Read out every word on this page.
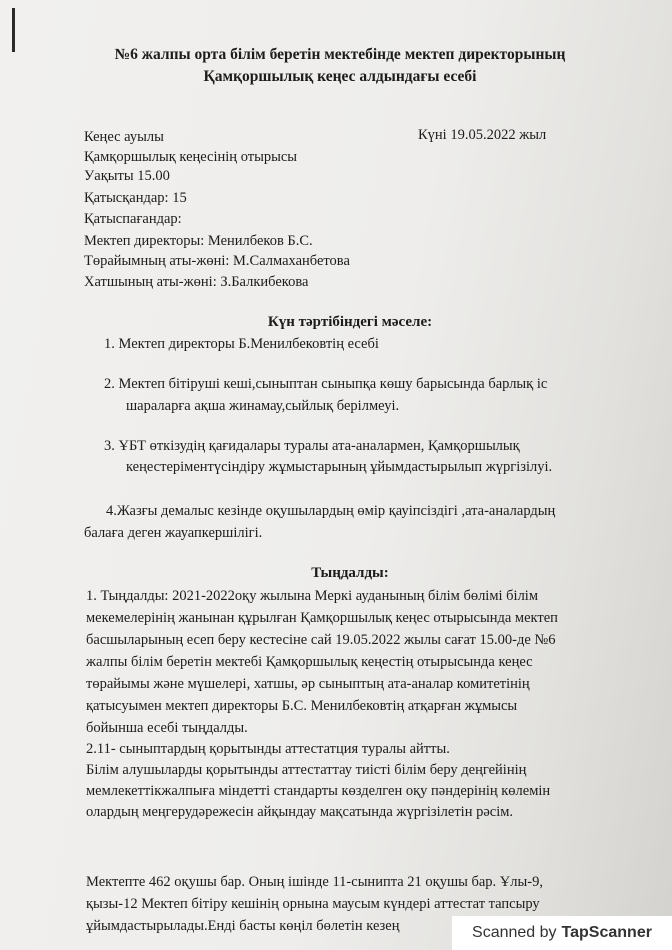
№6 жалпы орта білім беретін мектебінде мектеп директорының
Қамқоршылық кеңес алдындағы есебі
Кеңес ауылы	Күні 19.05.2022 жыл
Қамқоршылық кеңесінің отырысы
Уақыты 15.00
Қатысқандар: 15
Қатыспағандар:
Мектеп директоры: Менилбеков Б.С.
Төрайымның аты-жөні: М.Салмаханбетова
Хатшының аты-жөні: З.Балкибекова
Күн тәртібіндегі мәселе:
1. Мектеп директоры Б.Менилбековтің есебі
2. Мектеп бітіруші кеші,сыныптан сыныпқа көшу барысында барлық іс
шараларға ақша жинамау,сыйлық берілмеуі.
3. ҰБТ өткізудің қағидалары туралы ата-аналармен, Қамқоршылық
кеңестеріментүсіндіру жұмыстарының ұйымдастырылып жүргізілуі.
4.Жазғы демалыс кезінде оқушылардың өмір қауіпсіздігі ,ата-аналардың
балаға деген жауапкершілігі.
Тыңдалды:
1. Тыңдалды: 2021-2022оқу жылына Меркі ауданының білім бөлімі білім
мекемелерінің жанынан құрылған Қамқоршылық кеңес отырысында мектеп
басшыларының есеп беру кестесіне сай 19.05.2022 жылы сағат 15.00-де №6
жалпы білім беретін мектебі Қамқоршылық кеңестің отырысында кеңес
төрайымы және мүшелері, хатшы, әр сыныптың ата-аналар комитетінің
қатысуымен мектеп директоры Б.С. Менилбековтің атқарған жұмысы
бойынша есебі тыңдалды.
2.11- сыныптардың қорытынды аттестатция туралы айтты.
Білім алушыларды қорытынды аттестаттау тиісті білім беру деңгейінің
мемлекеттікжалпыға міндетті стандарты көзделген оқу пәндерінің көлемін
олардың меңгерудәрежесін айқындау мақсатында жүргізілетін рәсім.
Мектепте 462 оқушы бар. Оның ішінде 11-сынипта 21 оқушы бар. Ұлы-9,
қызы-12 Мектеп бітіру кешінің орнына маусым күндері аттестат тапсыру
ұйымдастырылады.Енді басты көңіл бөлетін кезең	Scanned by TapScanner
